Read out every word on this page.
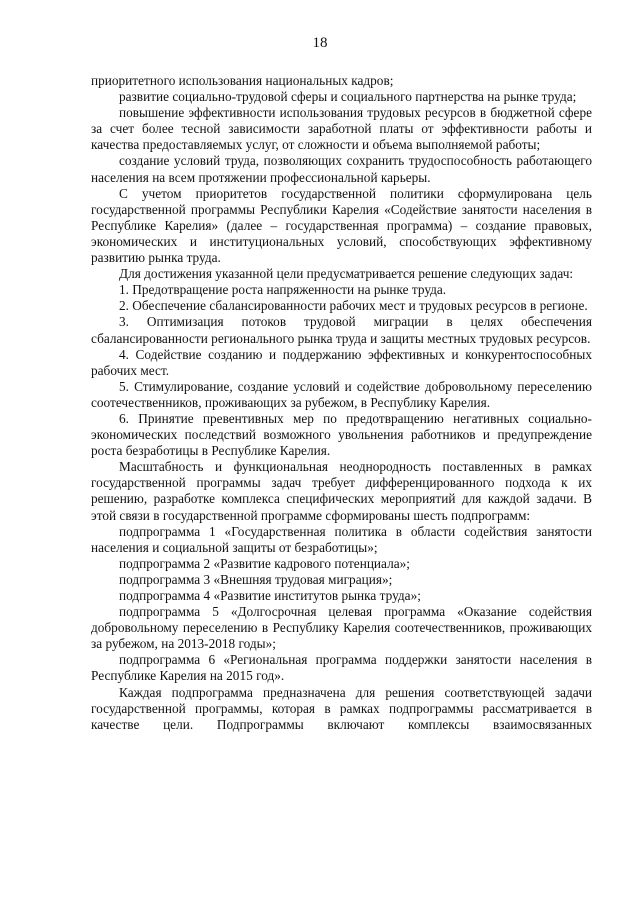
18

приоритетного использования национальных кадров;

развитие социально-трудовой сферы и социального партнерства на рынке труда;

повышение эффективности использования трудовых ресурсов в бюджетной сфере за счет более тесной зависимости заработной платы от эффективности работы и качества предоставляемых услуг, от сложности и объема выполняемой работы;

создание условий труда, позволяющих сохранить трудоспособность работающего населения на всем протяжении профессиональной карьеры.

С учетом приоритетов государственной политики сформулирована цель государственной программы Республики Карелия «Содействие занятости населения в Республике Карелия» (далее – государственная программа) – создание правовых, экономических и институциональных условий, способствующих эффективному развитию рынка труда.

Для достижения указанной цели предусматривается решение следующих задач:

1. Предотвращение роста напряженности на рынке труда.

2. Обеспечение сбалансированности рабочих мест и трудовых ресурсов в регионе.

3. Оптимизация потоков трудовой миграции в целях обеспечения сбалансированности регионального рынка труда и защиты местных трудовых ресурсов.

4. Содействие созданию и поддержанию эффективных и конкурентоспособных рабочих мест.

5. Стимулирование, создание условий и содействие добровольному переселению соотечественников, проживающих за рубежом, в Республику Карелия.

6. Принятие превентивных мер по предотвращению негативных социально-экономических последствий возможного увольнения работников и предупреждение роста безработицы в Республике Карелия.

Масштабность и функциональная неоднородность поставленных в рамках государственной программы задач требует дифференцированного подхода к их решению, разработке комплекса специфических мероприятий для каждой задачи. В этой связи в государственной программе сформированы шесть подпрограмм:

подпрограмма 1 «Государственная политика в области содействия занятости населения и социальной защиты от безработицы»;

подпрограмма 2 «Развитие кадрового потенциала»;

подпрограмма 3 «Внешняя трудовая миграция»;

подпрограмма 4 «Развитие институтов рынка труда»;

подпрограмма 5 «Долгосрочная целевая программа «Оказание содействия добровольному переселению в Республику Карелия соотечественников, проживающих за рубежом, на 2013-2018 годы»;

подпрограмма 6 «Региональная программа поддержки занятости населения в Республике Карелия на 2015 год».

Каждая подпрограмма предназначена для решения соответствующей задачи государственной программы, которая в рамках подпрограммы рассматривается в качестве цели. Подпрограммы включают комплексы взаимосвязанных
